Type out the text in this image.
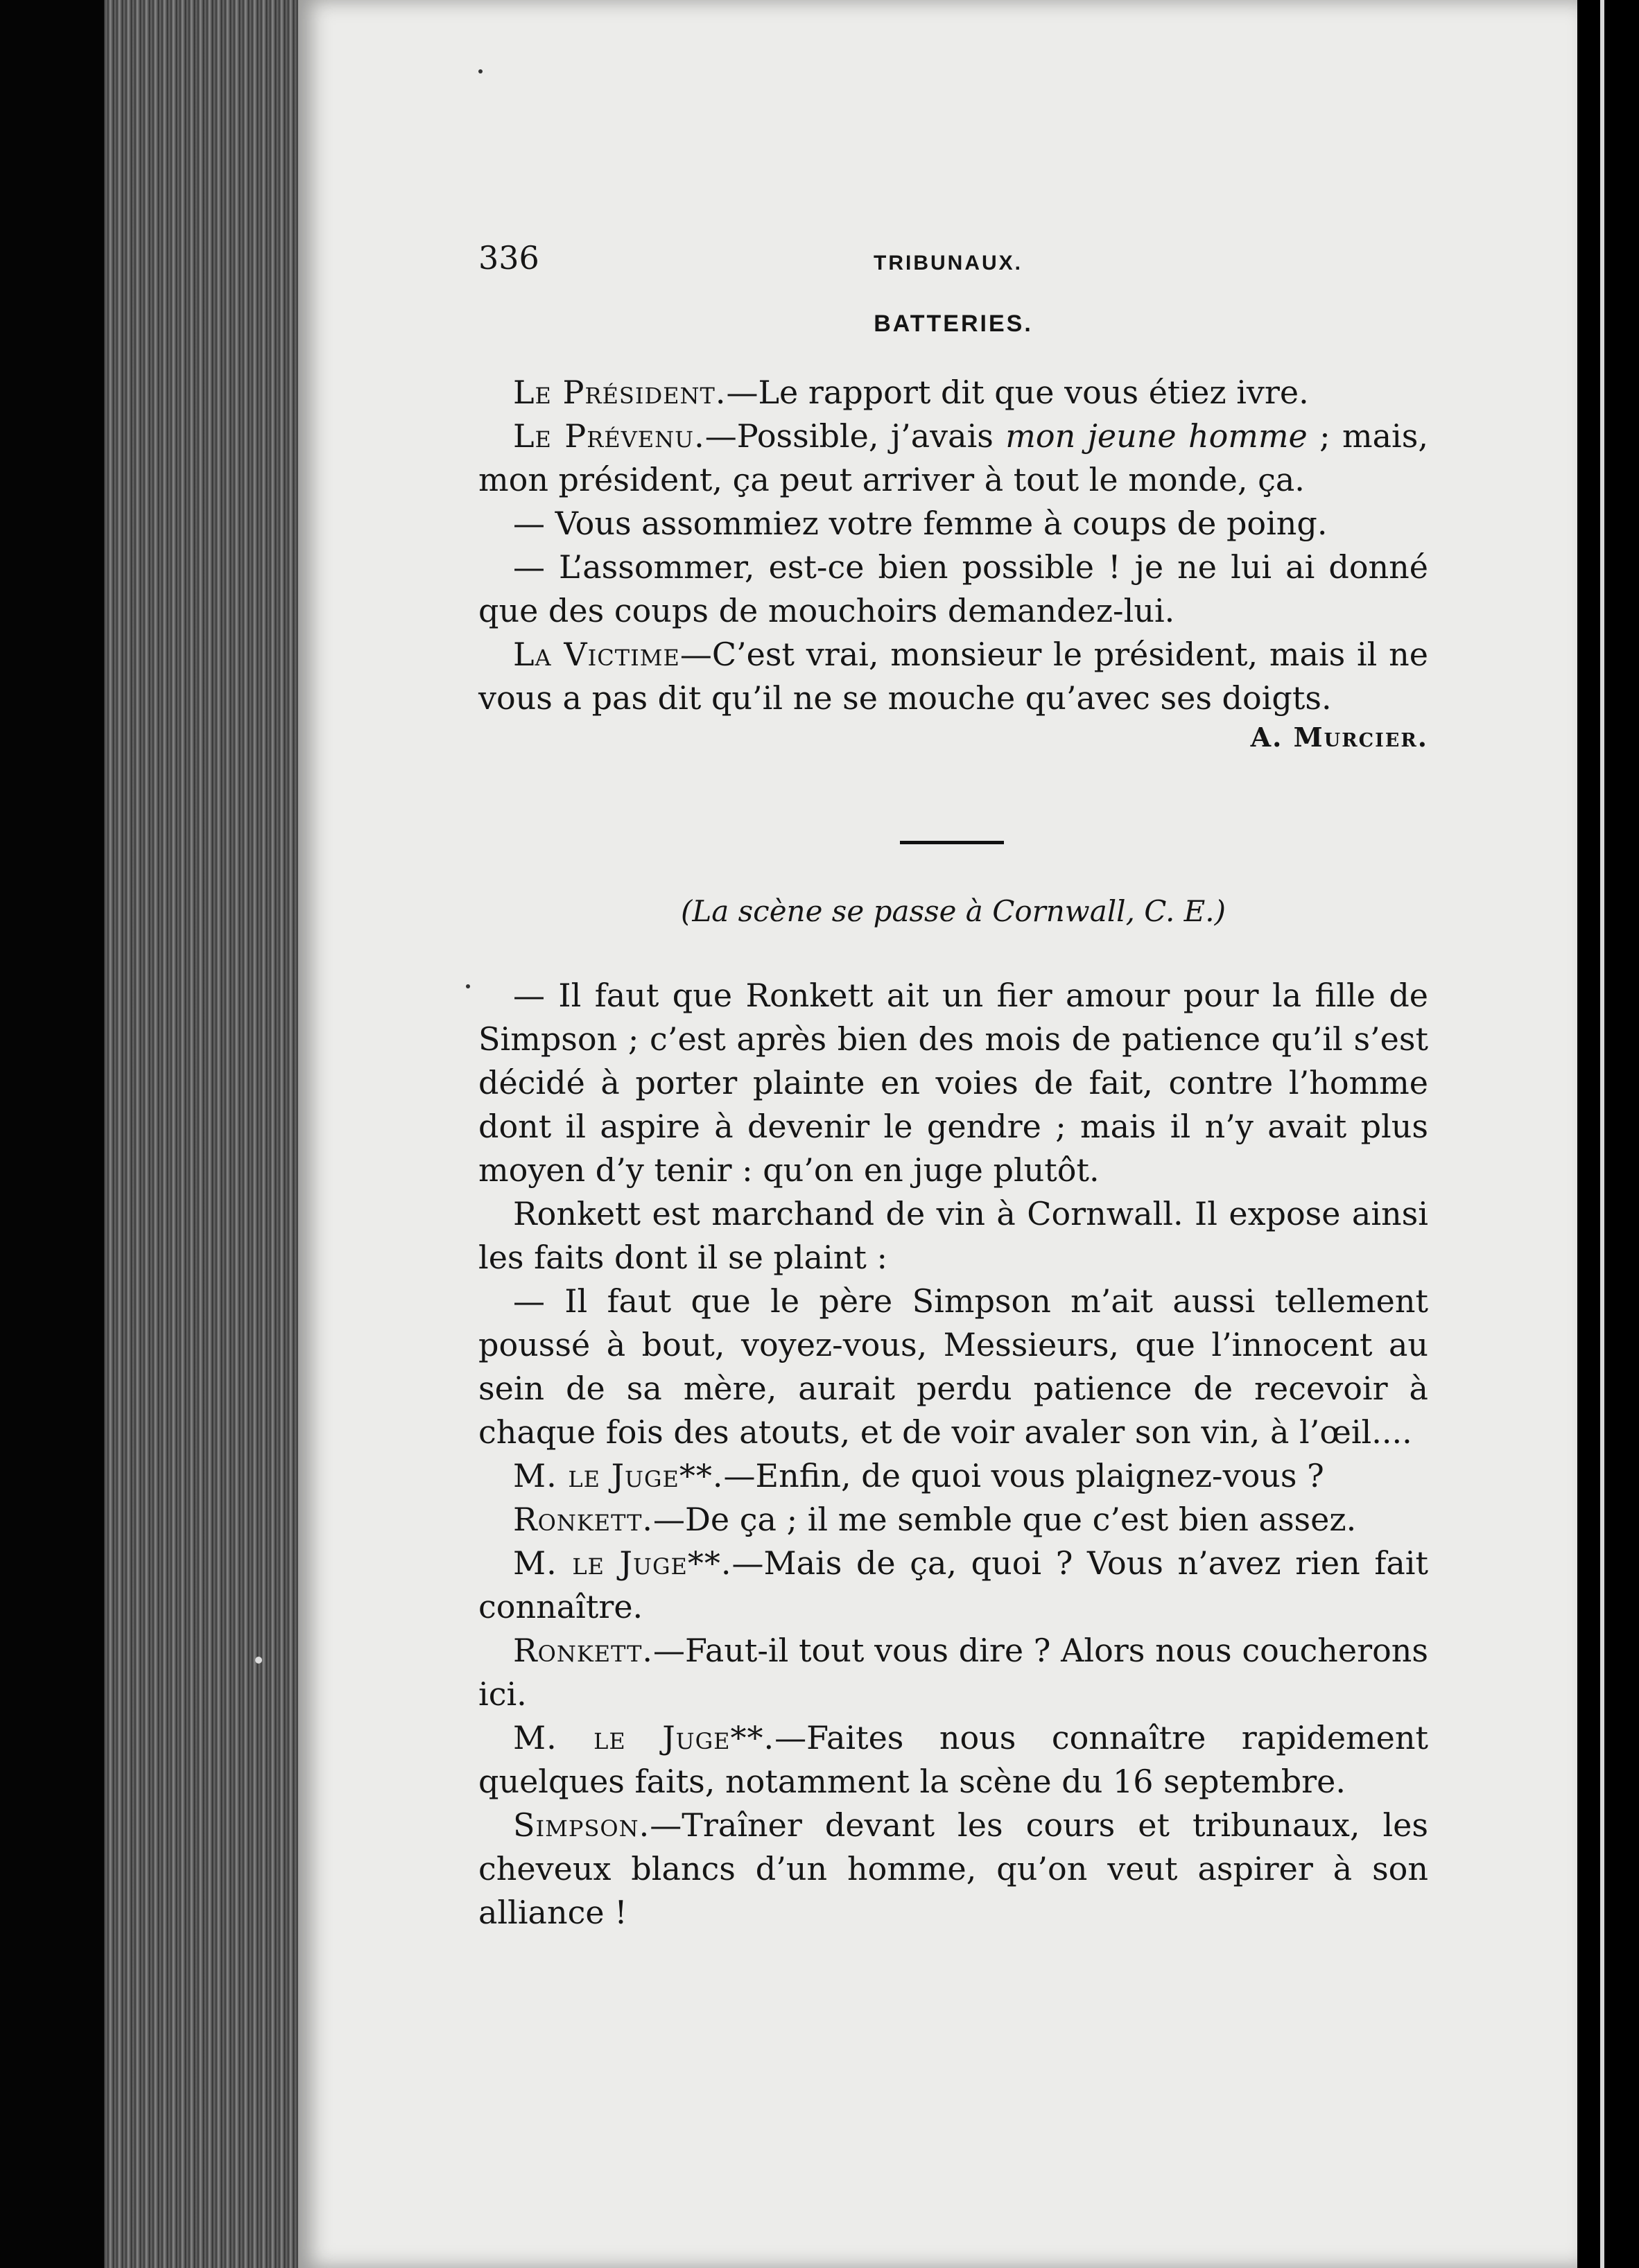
336	TRIBUNAUX.
BATTERIES.

Le Président.—Le rapport dit que vous étiez ivre.

Le Prévenu.—Possible, j’avais mon jeune homme ; mais, mon président, ça peut arriver à tout le monde, ça.

— Vous assommiez votre femme à coups de poing.

— L’assommer, est-ce bien possible ! je ne lui ai donné que des coups de mouchoirs demandez-lui.

La Victime—C’est vrai, monsieur le président, mais il ne vous a pas dit qu’il ne se mouche qu’avec ses doigts.

A. Murcier.
(La scène se passe à Cornwall, C. E.)

— Il faut que Ronkett ait un fier amour pour la fille de Simpson ; c’est après bien des mois de patience qu’il s’est décidé à porter plainte en voies de fait, contre l’homme dont il aspire à devenir le gendre ; mais il n’y avait plus moyen d’y tenir : qu’on en juge plutôt.

Ronkett est marchand de vin à Cornwall. Il expose ainsi les faits dont il se plaint :

— Il faut que le père Simpson m’ait aussi tellement poussé à bout, voyez-vous, Messieurs, que l’innocent au sein de sa mère, aurait perdu patience de recevoir à chaque fois des atouts, et de voir avaler son vin, à l’œil....

M. le Juge**.—Enfin, de quoi vous plaignez-vous ?

Ronkett.—De ça ; il me semble que c’est bien assez.

M. le Juge**.—Mais de ça, quoi ? Vous n’avez rien fait connaître.

Ronkett.—Faut-il tout vous dire ? Alors nous coucherons ici.

M. le Juge**.—Faites nous connaître rapidement quelques faits, notamment la scène du 16 septembre.

Simpson.—Traîner devant les cours et tribunaux, les cheveux blancs d’un homme, qu’on veut aspirer à son alliance !
